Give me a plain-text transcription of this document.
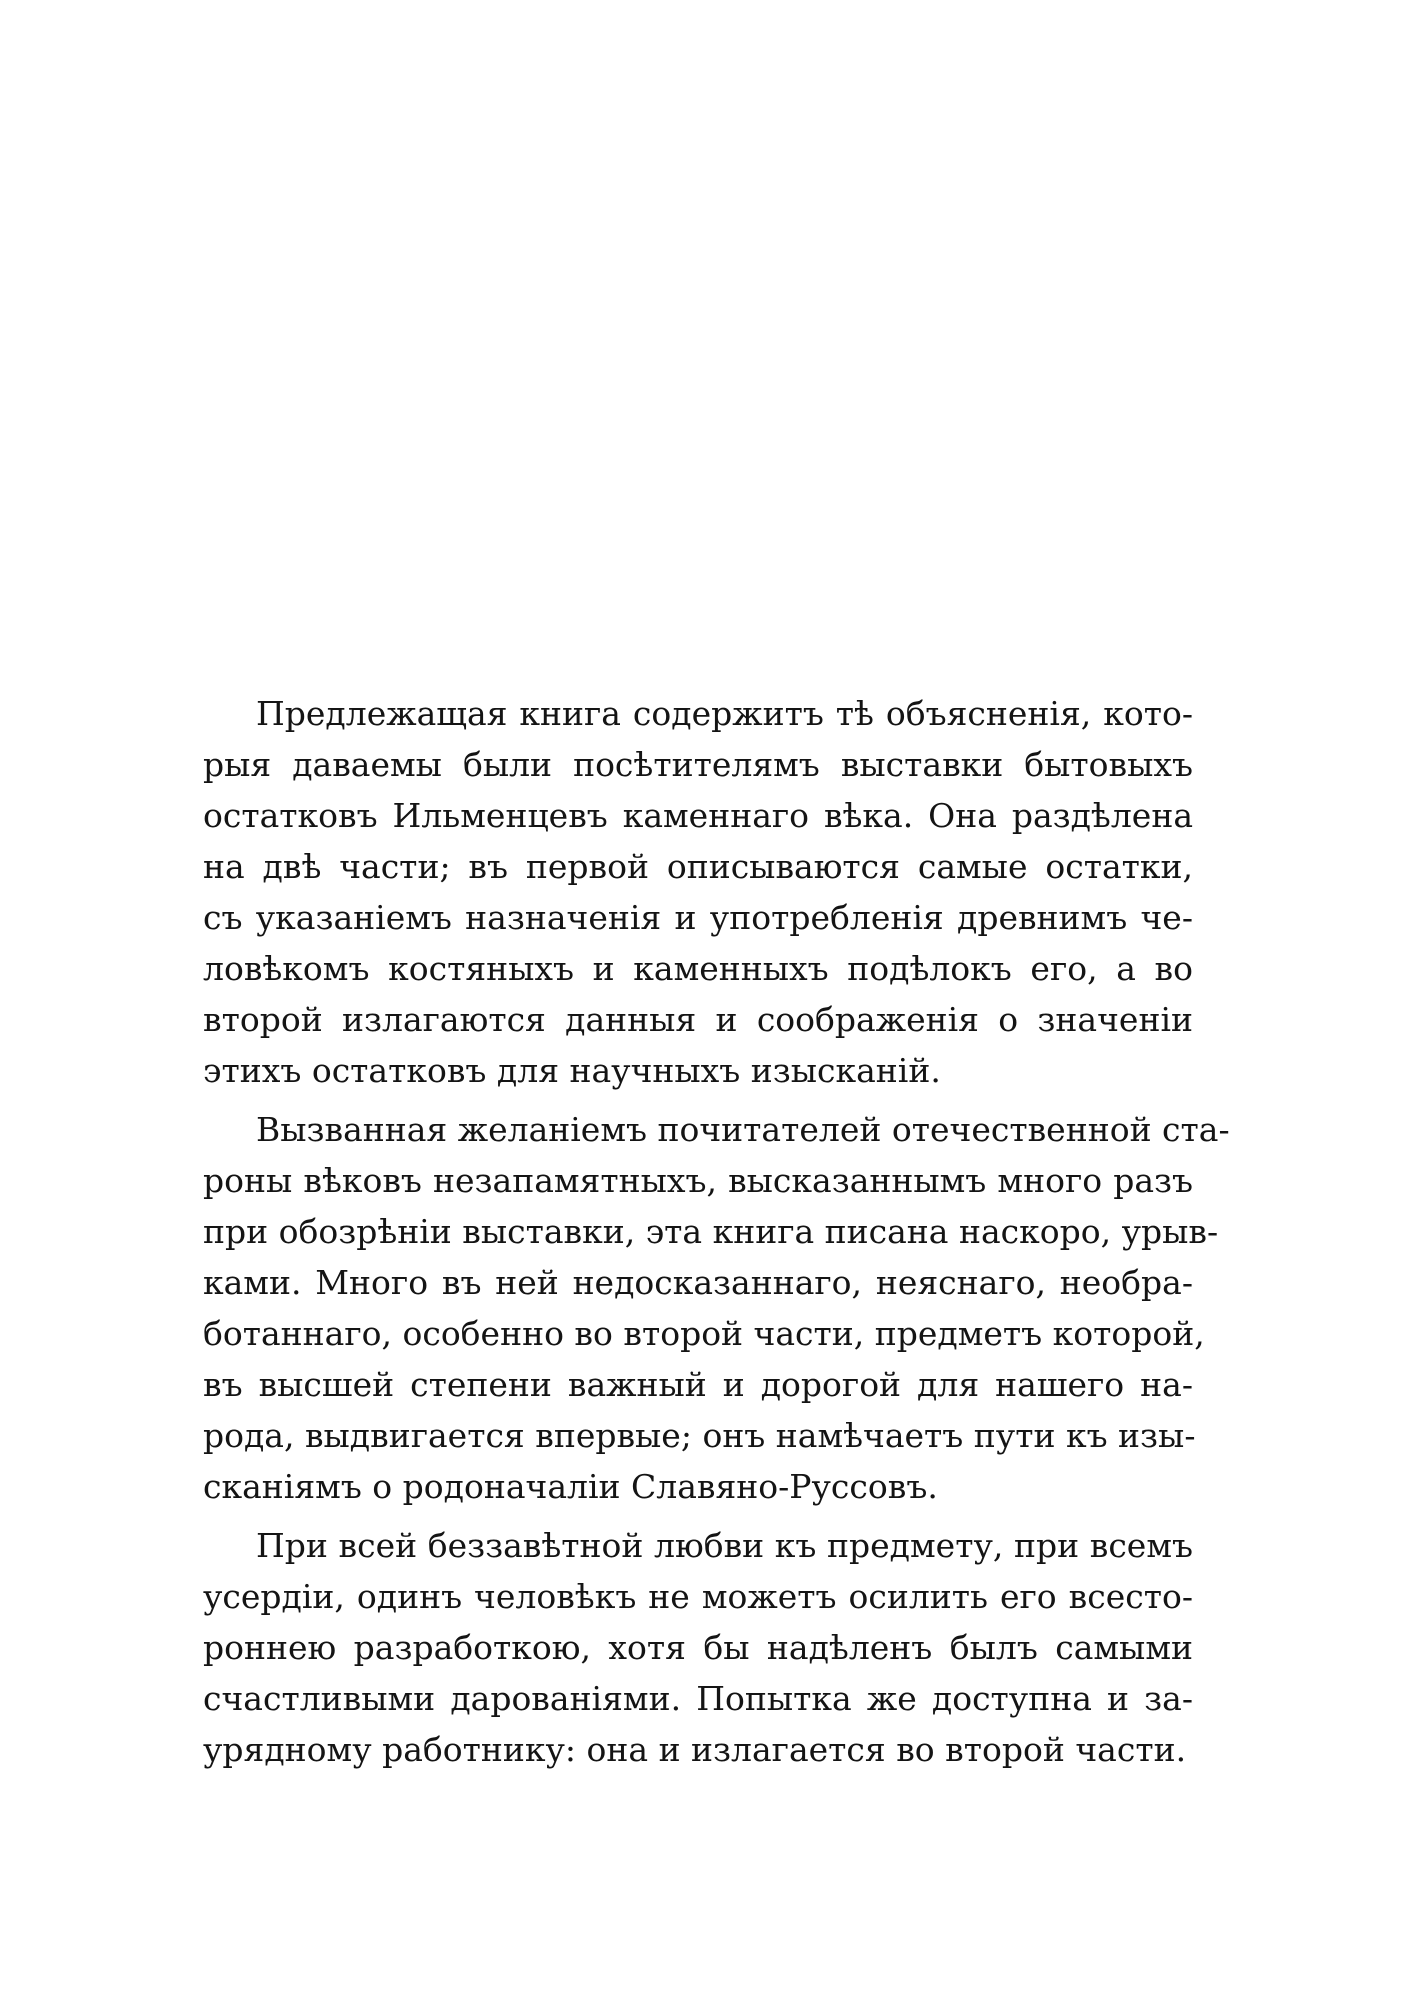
Предлежащая книга содержитъ тѣ объясненія, кото-
рыя даваемы были посѣтителямъ выставки бытовыхъ
остатковъ Ильменцевъ каменнаго вѣка. Она раздѣлена
на двѣ части; въ первой описываются самые остатки,
съ указаніемъ назначенія и употребленія древнимъ че-
ловѣкомъ костяныхъ и каменныхъ подѣлокъ его, а во
второй излагаются данныя и соображенія о значеніи
этихъ остатковъ для научныхъ изысканій.

Вызванная желаніемъ почитателей отечественной ста-
роны вѣковъ незапамятныхъ, высказаннымъ много разъ
при обозрѣніи выставки, эта книга писана наскоро, урыв-
ками. Много въ ней недосказаннаго, неяснаго, необра-
ботаннаго, особенно во второй части, предметъ которой,
въ высшей степени важный и дорогой для нашего на-
рода, выдвигается впервые; онъ намѣчаетъ пути къ изы-
сканіямъ о родоначаліи Славяно-Руссовъ.

При всей беззавѣтной любви къ предмету, при всемъ
усердіи, одинъ человѣкъ не можетъ осилить его всесто-
роннею разработкою, хотя бы надѣленъ былъ самыми
счастливыми дарованіями. Попытка же доступна и за-
урядному работнику: она и излагается во второй части.
